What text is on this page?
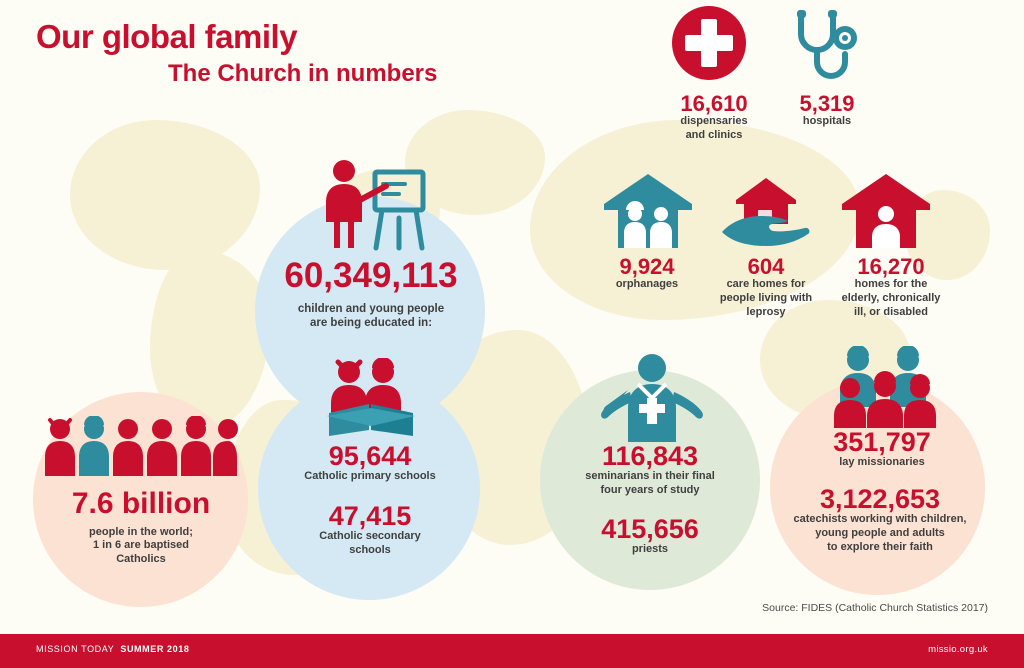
Our global family
The Church in numbers
16,610
dispensaries
and clinics
5,319
hospitals
60,349,113
children and young people
are being educated in:
95,644
Catholic primary schools
47,415
Catholic secondary
schools
7.6 billion
people in the world;
1 in 6 are baptised
Catholics
9,924
orphanages
604
care homes for
people living with
leprosy
16,270
homes for the
elderly, chronically
ill, or disabled
116,843
seminarians in their final
four years of study
415,656
priests
351,797
lay missionaries
3,122,653
catechists working with children,
young people and adults
to explore their faith
Source: FIDES (Catholic Church Statistics 2017)
MISSION TODAY SUMMER 2018	missio.org.uk
